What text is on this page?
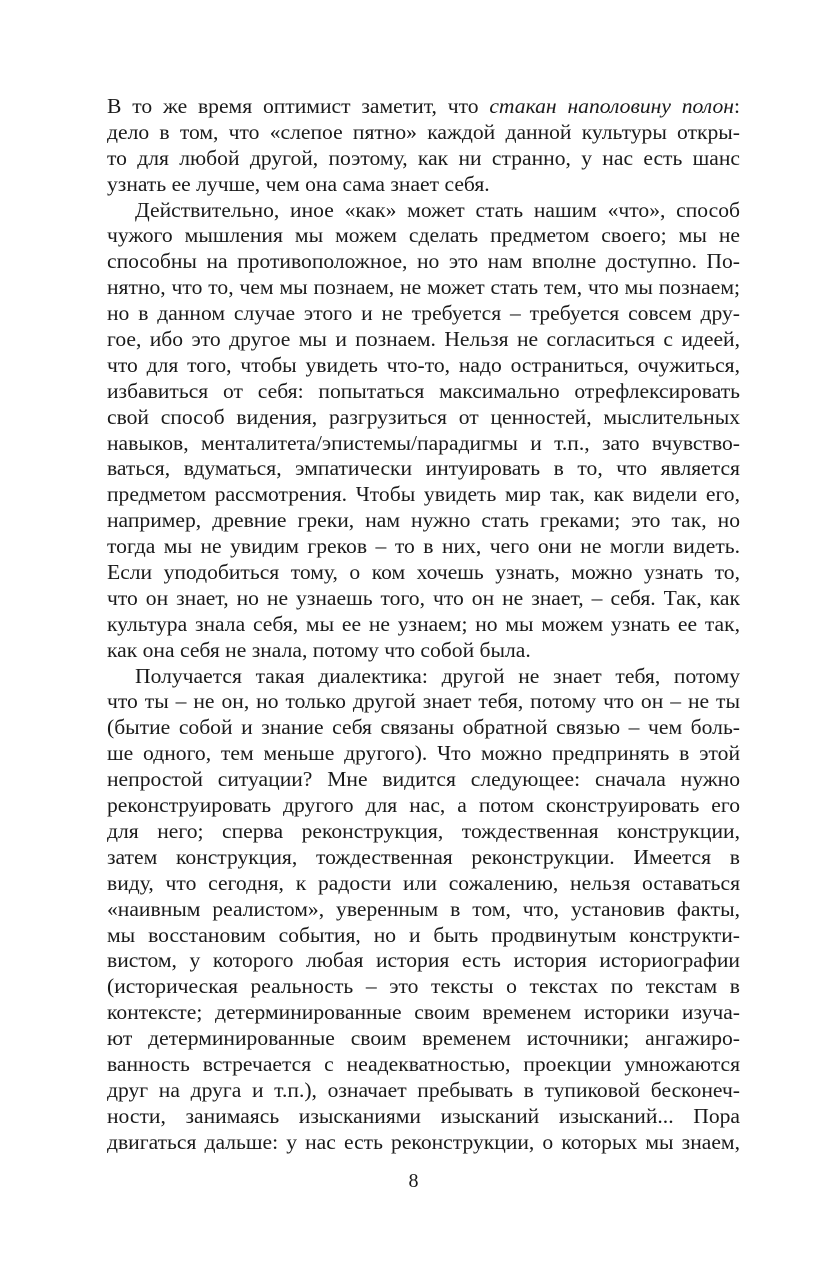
В то же время оптимист заметит, что стакан наполовину полон:
дело в том, что «слепое пятно» каждой данной культуры откры-
то для любой другой, поэтому, как ни странно, у нас есть шанс
узнать ее лучше, чем она сама знает себя.
Действительно, иное «как» может стать нашим «что», способ
чужого мышления мы можем сделать предметом своего; мы не
способны на противоположное, но это нам вполне доступно. По-
нятно, что то, чем мы познаем, не может стать тем, что мы познаем;
но в данном случае этого и не требуется – требуется совсем дру-
гое, ибо это другое мы и познаем. Нельзя не согласиться с идеей,
что для того, чтобы увидеть что-то, надо остраниться, очужиться,
избавиться от себя: попытаться максимально отрефлексировать
свой способ видения, разгрузиться от ценностей, мыслительных
навыков, менталитета/эпистемы/парадигмы и т.п., зато вчувство-
ваться, вдуматься, эмпатически интуировать в то, что является
предметом рассмотрения. Чтобы увидеть мир так, как видели его,
например, древние греки, нам нужно стать греками; это так, но
тогда мы не увидим греков – то в них, чего они не могли видеть.
Если уподобиться тому, о ком хочешь узнать, можно узнать то,
что он знает, но не узнаешь того, что он не знает, – себя. Так, как
культура знала себя, мы ее не узнаем; но мы можем узнать ее так,
как она себя не знала, потому что собой была.
Получается такая диалектика: другой не знает тебя, потому
что ты – не он, но только другой знает тебя, потому что он – не ты
(бытие собой и знание себя связаны обратной связью – чем боль-
ше одного, тем меньше другого). Что можно предпринять в этой
непростой ситуации? Мне видится следующее: сначала нужно
реконструировать другого для нас, а потом сконструировать его
для него; сперва реконструкция, тождественная конструкции,
затем конструкция, тождественная реконструкции. Имеется в
виду, что сегодня, к радости или сожалению, нельзя оставаться
«наивным реалистом», уверенным в том, что, установив факты,
мы восстановим события, но и быть продвинутым конструкти-
вистом, у которого любая история есть история историографии
(историческая реальность – это тексты о текстах по текстам в
контексте; детерминированные своим временем историки изуча-
ют детерминированные своим временем источники; ангажиро-
ванность встречается с неадекватностью, проекции умножаются
друг на друга и т.п.), означает пребывать в тупиковой бесконеч-
ности, занимаясь изысканиями изысканий изысканий... Пора
двигаться дальше: у нас есть реконструкции, о которых мы знаем,
8
